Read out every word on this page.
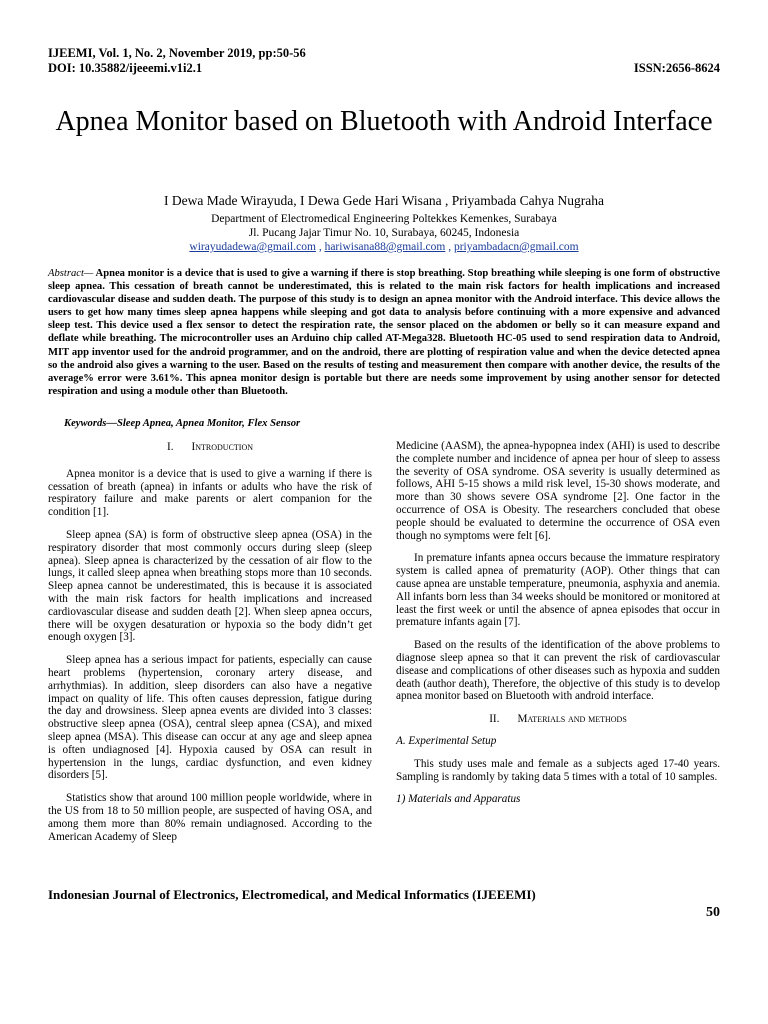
IJEEMI, Vol. 1, No. 2, November 2019, pp:50-56
DOI: 10.35882/ijeeemi.v1i2.1	ISSN:2656-8624
Apnea Monitor based on Bluetooth with Android Interface
I Dewa Made Wirayuda, I Dewa Gede Hari Wisana , Priyambada Cahya Nugraha
Department of Electromedical Engineering Poltekkes Kemenkes, Surabaya
Jl. Pucang Jajar Timur No. 10, Surabaya, 60245, Indonesia
wirayudadewa@gmail.com , hariwisana88@gmail.com , priyambadacn@gmail.com
Abstract— Apnea monitor is a device that is used to give a warning if there is stop breathing. Stop breathing while sleeping is one form of obstructive sleep apnea. This cessation of breath cannot be underestimated, this is related to the main risk factors for health implications and increased cardiovascular disease and sudden death. The purpose of this study is to design an apnea monitor with the Android interface. This device allows the users to get how many times sleep apnea happens while sleeping and got data to analysis before continuing with a more expensive and advanced sleep test. This device used a flex sensor to detect the respiration rate, the sensor placed on the abdomen or belly so it can measure expand and deflate while breathing. The microcontroller uses an Arduino chip called AT-Mega328. Bluetooth HC-05 used to send respiration data to Android, MIT app inventor used for the android programmer, and on the android, there are plotting of respiration value and when the device detected apnea so the android also gives a warning to the user. Based on the results of testing and measurement then compare with another device, the results of the average% error were 3.61%. This apnea monitor design is portable but there are needs some improvement by using another sensor for detected respiration and using a module other than Bluetooth.
Keywords—Sleep Apnea, Apnea Monitor, Flex Sensor
I. Introduction

Apnea monitor is a device that is used to give a warning if there is cessation of breath (apnea) in infants or adults who have the risk of respiratory failure and make parents or alert companion for the condition [1].

Sleep apnea (SA) is form of obstructive sleep apnea (OSA) in the respiratory disorder that most commonly occurs during sleep (sleep apnea). Sleep apnea is characterized by the cessation of air flow to the lungs, it called sleep apnea when breathing stops more than 10 seconds. Sleep apnea cannot be underestimated, this is because it is associated with the main risk factors for health implications and increased cardiovascular disease and sudden death [2]. When sleep apnea occurs, there will be oxygen desaturation or hypoxia so the body didn’t get enough oxygen [3].

Sleep apnea has a serious impact for patients, especially can cause heart problems (hypertension, coronary artery disease, and arrhythmias). In addition, sleep disorders can also have a negative impact on quality of life. This often causes depression, fatigue during the day and drowsiness. Sleep apnea events are divided into 3 classes: obstructive sleep apnea (OSA), central sleep apnea (CSA), and mixed sleep apnea (MSA). This disease can occur at any age and sleep apnea is often undiagnosed [4]. Hypoxia caused by OSA can result in hypertension in the lungs, cardiac dysfunction, and even kidney disorders [5].

Statistics show that around 100 million people worldwide, where in the US from 18 to 50 million people, are suspected of having OSA, and among them more than 80% remain undiagnosed. According to the American Academy of Sleep

Medicine (AASM), the apnea-hypopnea index (AHI) is used to describe the complete number and incidence of apnea per hour of sleep to assess the severity of OSA syndrome. OSA severity is usually determined as follows, AHI 5-15 shows a mild risk level, 15-30 shows moderate, and more than 30 shows severe OSA syndrome [2]. One factor in the occurrence of OSA is Obesity. The researchers concluded that obese people should be evaluated to determine the occurrence of OSA even though no symptoms were felt [6].

In premature infants apnea occurs because the immature respiratory system is called apnea of prematurity (AOP). Other things that can cause apnea are unstable temperature, pneumonia, asphyxia and anemia. All infants born less than 34 weeks should be monitored or monitored at least the first week or until the absence of apnea episodes that occur in premature infants again [7].

Based on the results of the identification of the above problems to diagnose sleep apnea so that it can prevent the risk of cardiovascular disease and complications of other diseases such as hypoxia and sudden death (author death), Therefore, the objective of this study is to develop apnea monitor based on Bluetooth with android interface.

II. Materials and methods

A. Experimental Setup

This study uses male and female as a subjects aged 17-40 years. Sampling is randomly by taking data 5 times with a total of 10 samples.

1) Materials and Apparatus

Indonesian Journal of Electronics, Electromedical, and Medical Informatics (IJEEEMI)
50
